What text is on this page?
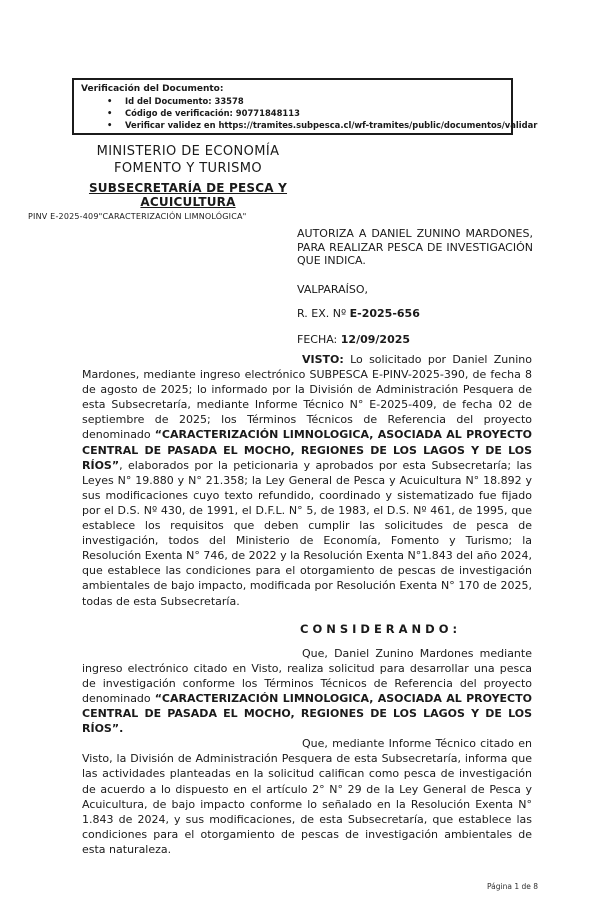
Verificación del Documento:
• Id del Documento: 33578
• Código de verificación: 90771848113
• Verificar validez en https://tramites.subpesca.cl/wf-tramites/public/documentos/validar
MINISTERIO DE ECONOMÍA
FOMENTO Y TURISMO
SUBSECRETARÍA DE PESCA Y
ACUICULTURA
PINV E-2025-409"CARACTERIZACIÓN LIMNOLÓGICA"
AUTORIZA A DANIEL ZUNINO MARDONES, PARA REALIZAR PESCA DE INVESTIGACIÓN QUE INDICA.
VALPARAÍSO,
R. EX. Nº E-2025-656
FECHA: 12/09/2025

VISTO: Lo solicitado por Daniel Zunino Mardones, mediante ingreso electrónico SUBPESCA E-PINV-2025-390, de fecha 8 de agosto de 2025; lo informado por la División de Administración Pesquera de esta Subsecretaría, mediante Informe Técnico N° E-2025-409, de fecha 02 de septiembre de 2025; los Términos Técnicos de Referencia del proyecto denominado “CARACTERIZACIÓN LIMNOLOGICA, ASOCIADA AL PROYECTO CENTRAL DE PASADA EL MOCHO, REGIONES DE LOS LAGOS Y DE LOS RÍOS”, elaborados por la peticionaria y aprobados por esta Subsecretaría; las Leyes N° 19.880 y N° 21.358; la Ley General de Pesca y Acuicultura N° 18.892 y sus modificaciones cuyo texto refundido, coordinado y sistematizado fue fijado por el D.S. Nº 430, de 1991, el D.F.L. N° 5, de 1983, el D.S. Nº 461, de 1995, que establece los requisitos que deben cumplir las solicitudes de pesca de investigación, todos del Ministerio de Economía, Fomento y Turismo; la Resolución Exenta N° 746, de 2022 y la Resolución Exenta N°1.843 del año 2024, que establece las condiciones para el otorgamiento de pescas de investigación ambientales de bajo impacto, modificada por Resolución Exenta N° 170 de 2025, todas de esta Subsecretaría.

CONSIDERANDO:

Que, Daniel Zunino Mardones mediante ingreso electrónico citado en Visto, realiza solicitud para desarrollar una pesca de investigación conforme los Términos Técnicos de Referencia del proyecto denominado “CARACTERIZACIÓN LIMNOLOGICA, ASOCIADA AL PROYECTO CENTRAL DE PASADA EL MOCHO, REGIONES DE LOS LAGOS Y DE LOS RÍOS”.

Que, mediante Informe Técnico citado en Visto, la División de Administración Pesquera de esta Subsecretaría, informa que las actividades planteadas en la solicitud califican como pesca de investigación de acuerdo a lo dispuesto en el artículo 2° N° 29 de la Ley General de Pesca y Acuicultura, de bajo impacto conforme lo señalado en la Resolución Exenta N° 1.843 de 2024, y sus modificaciones, de esta Subsecretaría, que establece las condiciones para el otorgamiento de pescas de investigación ambientales de esta naturaleza.

Página 1 de 8
